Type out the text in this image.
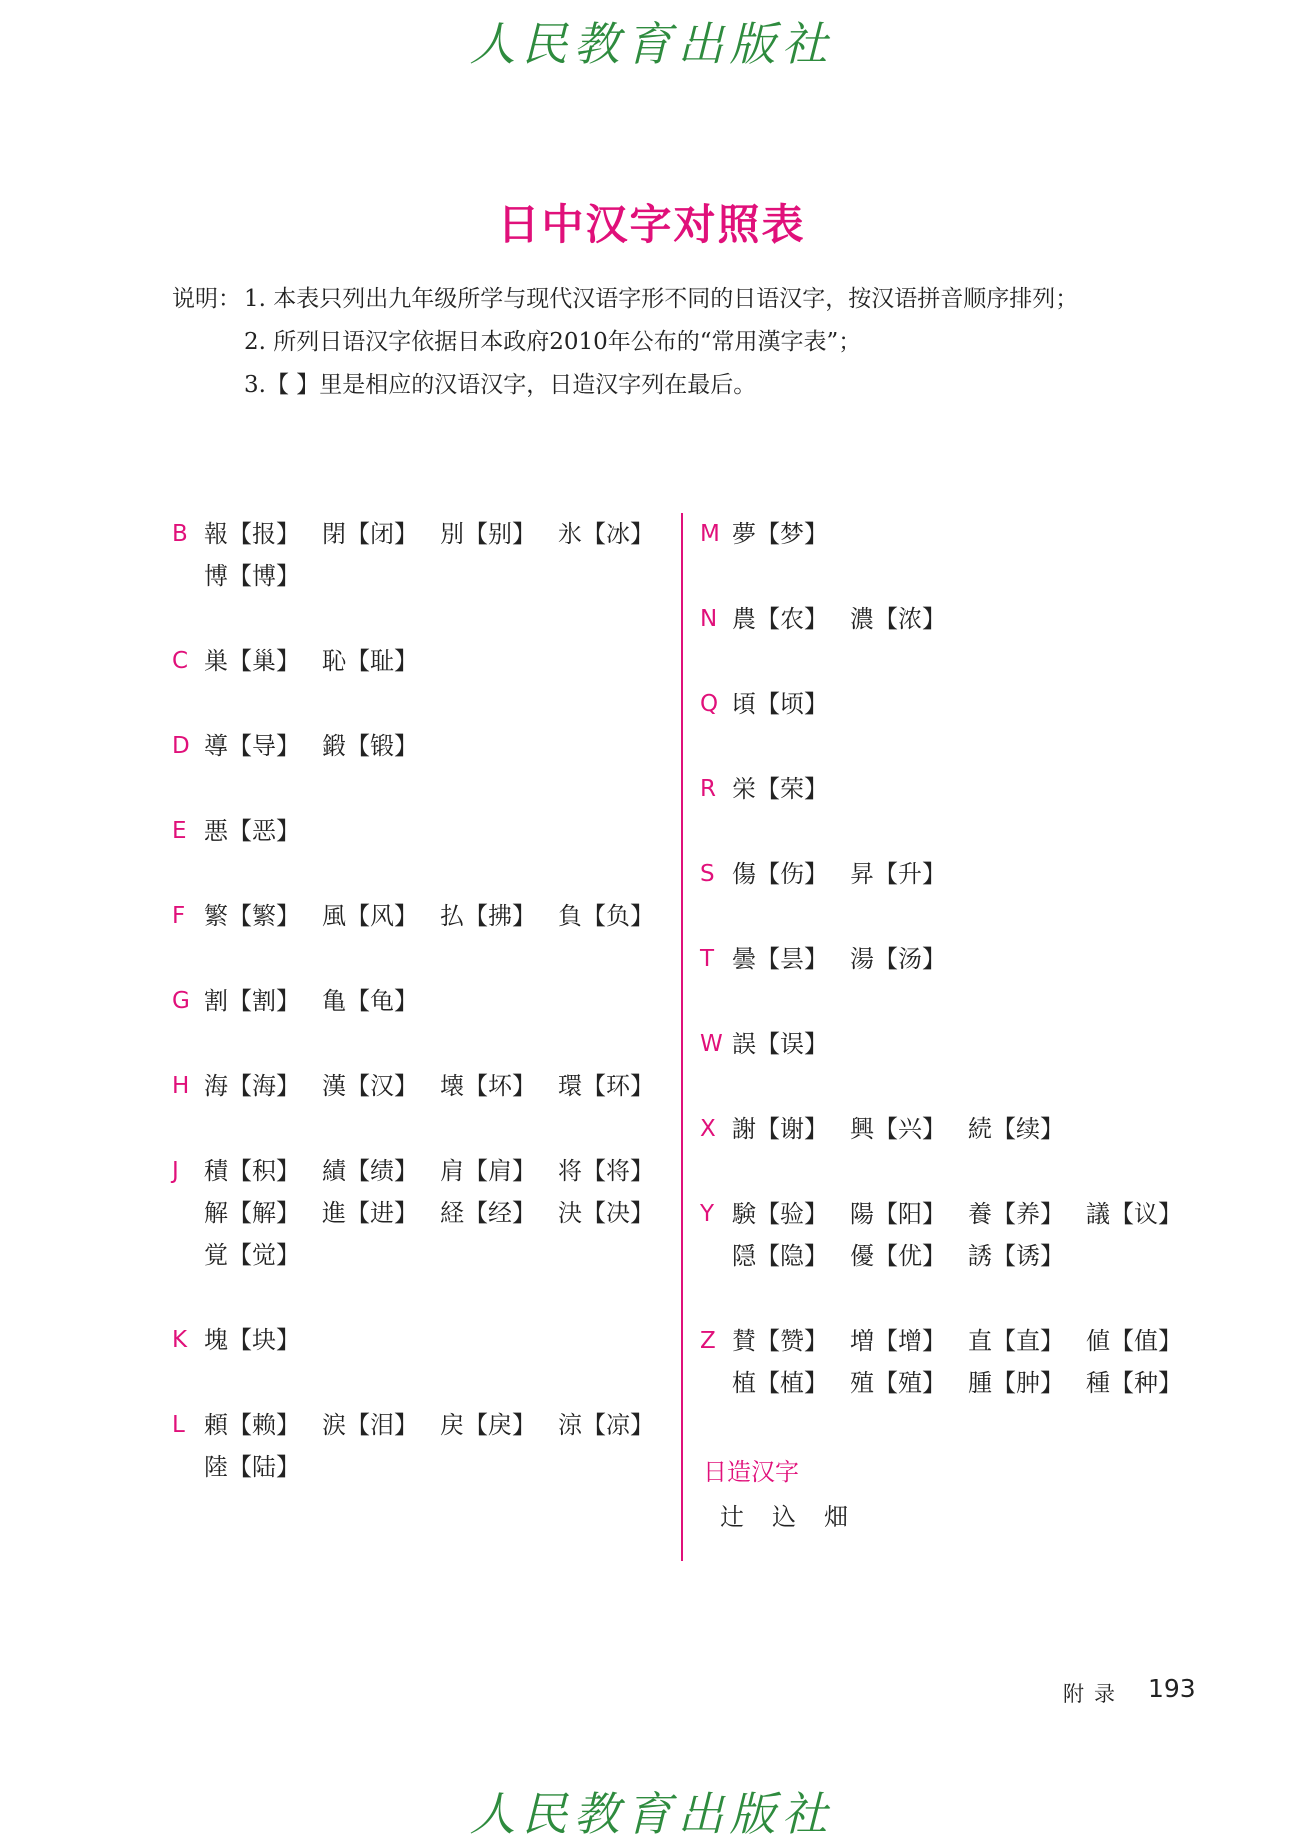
人民教育出版社
日中汉字对照表
说明： 1. 本表只列出九年级所学与现代汉语字形不同的日语汉字，按汉语拼音顺序排列；
2. 所列日语汉字依据日本政府2010年公布的“常用漢字表”；
3.【 】里是相应的汉语汉字，日造汉字列在最后。
B 報【报】 閉【闭】 別【别】 氷【冰】
博【博】
C 巣【巢】 恥【耻】
D 導【导】 鍛【锻】
E 悪【恶】
F 繁【繁】 風【风】 払【拂】 負【负】
G 割【割】 亀【龟】
H 海【海】 漢【汉】 壊【坏】 環【环】
J 積【积】 績【绩】 肩【肩】 将【将】
解【解】 進【进】 経【经】 決【决】
覚【觉】
K 塊【块】
L 頼【赖】 涙【泪】 戻【戾】 涼【凉】
陸【陆】
M 夢【梦】
N 農【农】 濃【浓】
Q 頃【顷】
R 栄【荣】
S 傷【伤】 昇【升】
T 曇【昙】 湯【汤】
W 誤【误】
X 謝【谢】 興【兴】 続【续】
Y 験【验】 陽【阳】 養【养】 議【议】
隠【隐】 優【优】 誘【诱】
Z 賛【赞】 増【增】 直【直】 値【值】
植【植】 殖【殖】 腫【肿】 種【种】
日造汉字
辻 込 畑
附录 193
人民教育出版社
